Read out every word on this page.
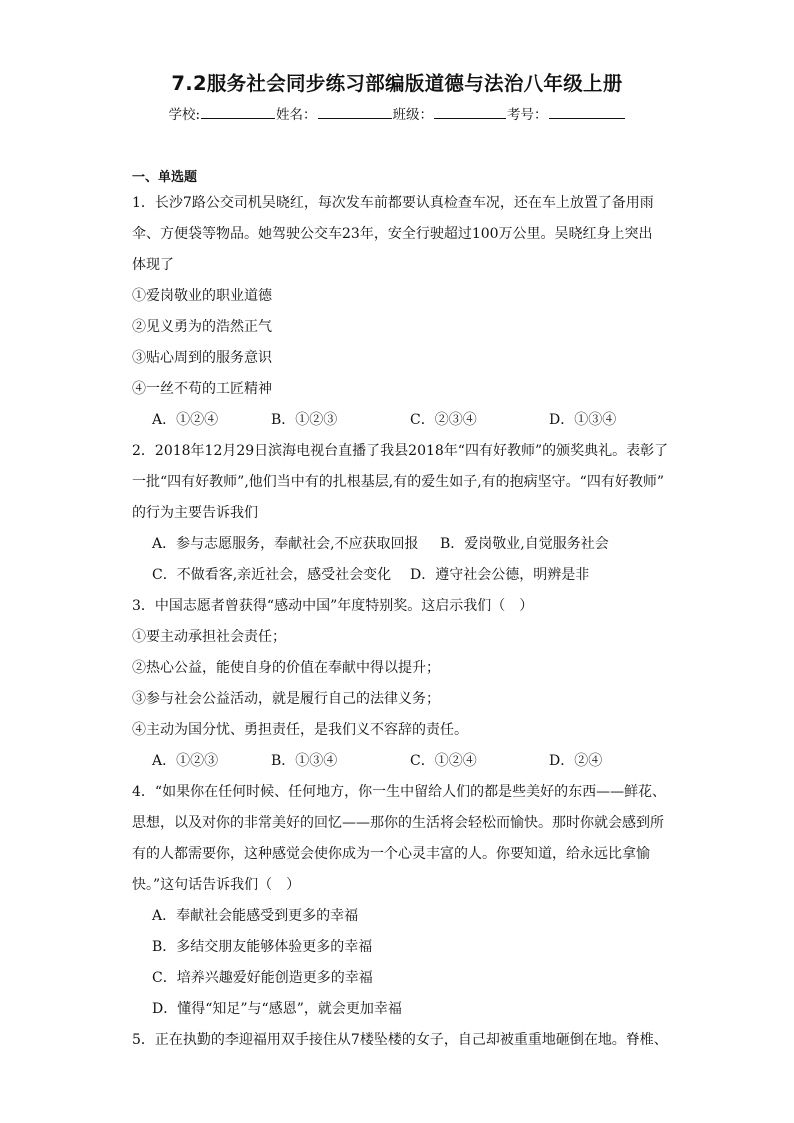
7.2服务社会同步练习部编版道德与法治八年级上册
学校:	姓名：	班级：	考号：
一、单选题
1．长沙7路公交司机吴晓红，每次发车前都要认真检查车况，还在车上放置了备用雨
伞、方便袋等物品。她驾驶公交车23年，安全行驶超过100万公里。吴晓红身上突出
体现了
①爱岗敬业的职业道德
②见义勇为的浩然正气
③贴心周到的服务意识
④一丝不苟的工匠精神
A．①②④	B．①②③	C．②③④	D．①③④
2．2018年12月29日滨海电视台直播了我县2018年“四有好教师”的颁奖典礼。表彰了
一批“四有好教师”,他们当中有的扎根基层,有的爱生如子,有的抱病坚守。“四有好教师”
的行为主要告诉我们
A．参与志愿服务，奉献社会,不应获取回报 B．爱岗敬业,自觉服务社会
C．不做看客,亲近社会，感受社会变化 D．遵守社会公德，明辨是非
3．中国志愿者曾获得“感动中国”年度特别奖。这启示我们（　）
①要主动承担社会责任；
②热心公益，能使自身的价值在奉献中得以提升；
③参与社会公益活动，就是履行自己的法律义务；
④主动为国分忧、勇担责任，是我们义不容辞的责任。
A．①②③	B．①③④	C．①②④	D．②④
4．“如果你在任何时候、任何地方，你一生中留给人们的都是些美好的东西——鲜花、
思想，以及对你的非常美好的回忆——那你的生活将会轻松而愉快。那时你就会感到所
有的人都需要你，这种感觉会使你成为一个心灵丰富的人。你要知道，给永远比拿愉
快。”这句话告诉我们（　）
A．奉献社会能感受到更多的幸福
B．多结交朋友能够体验更多的幸福
C．培养兴趣爱好能创造更多的幸福
D．懂得“知足”与“感恩”，就会更加幸福
5．正在执勤的李迎福用双手接住从7楼坠楼的女子，自己却被重重地砸倒在地。脊椎、
